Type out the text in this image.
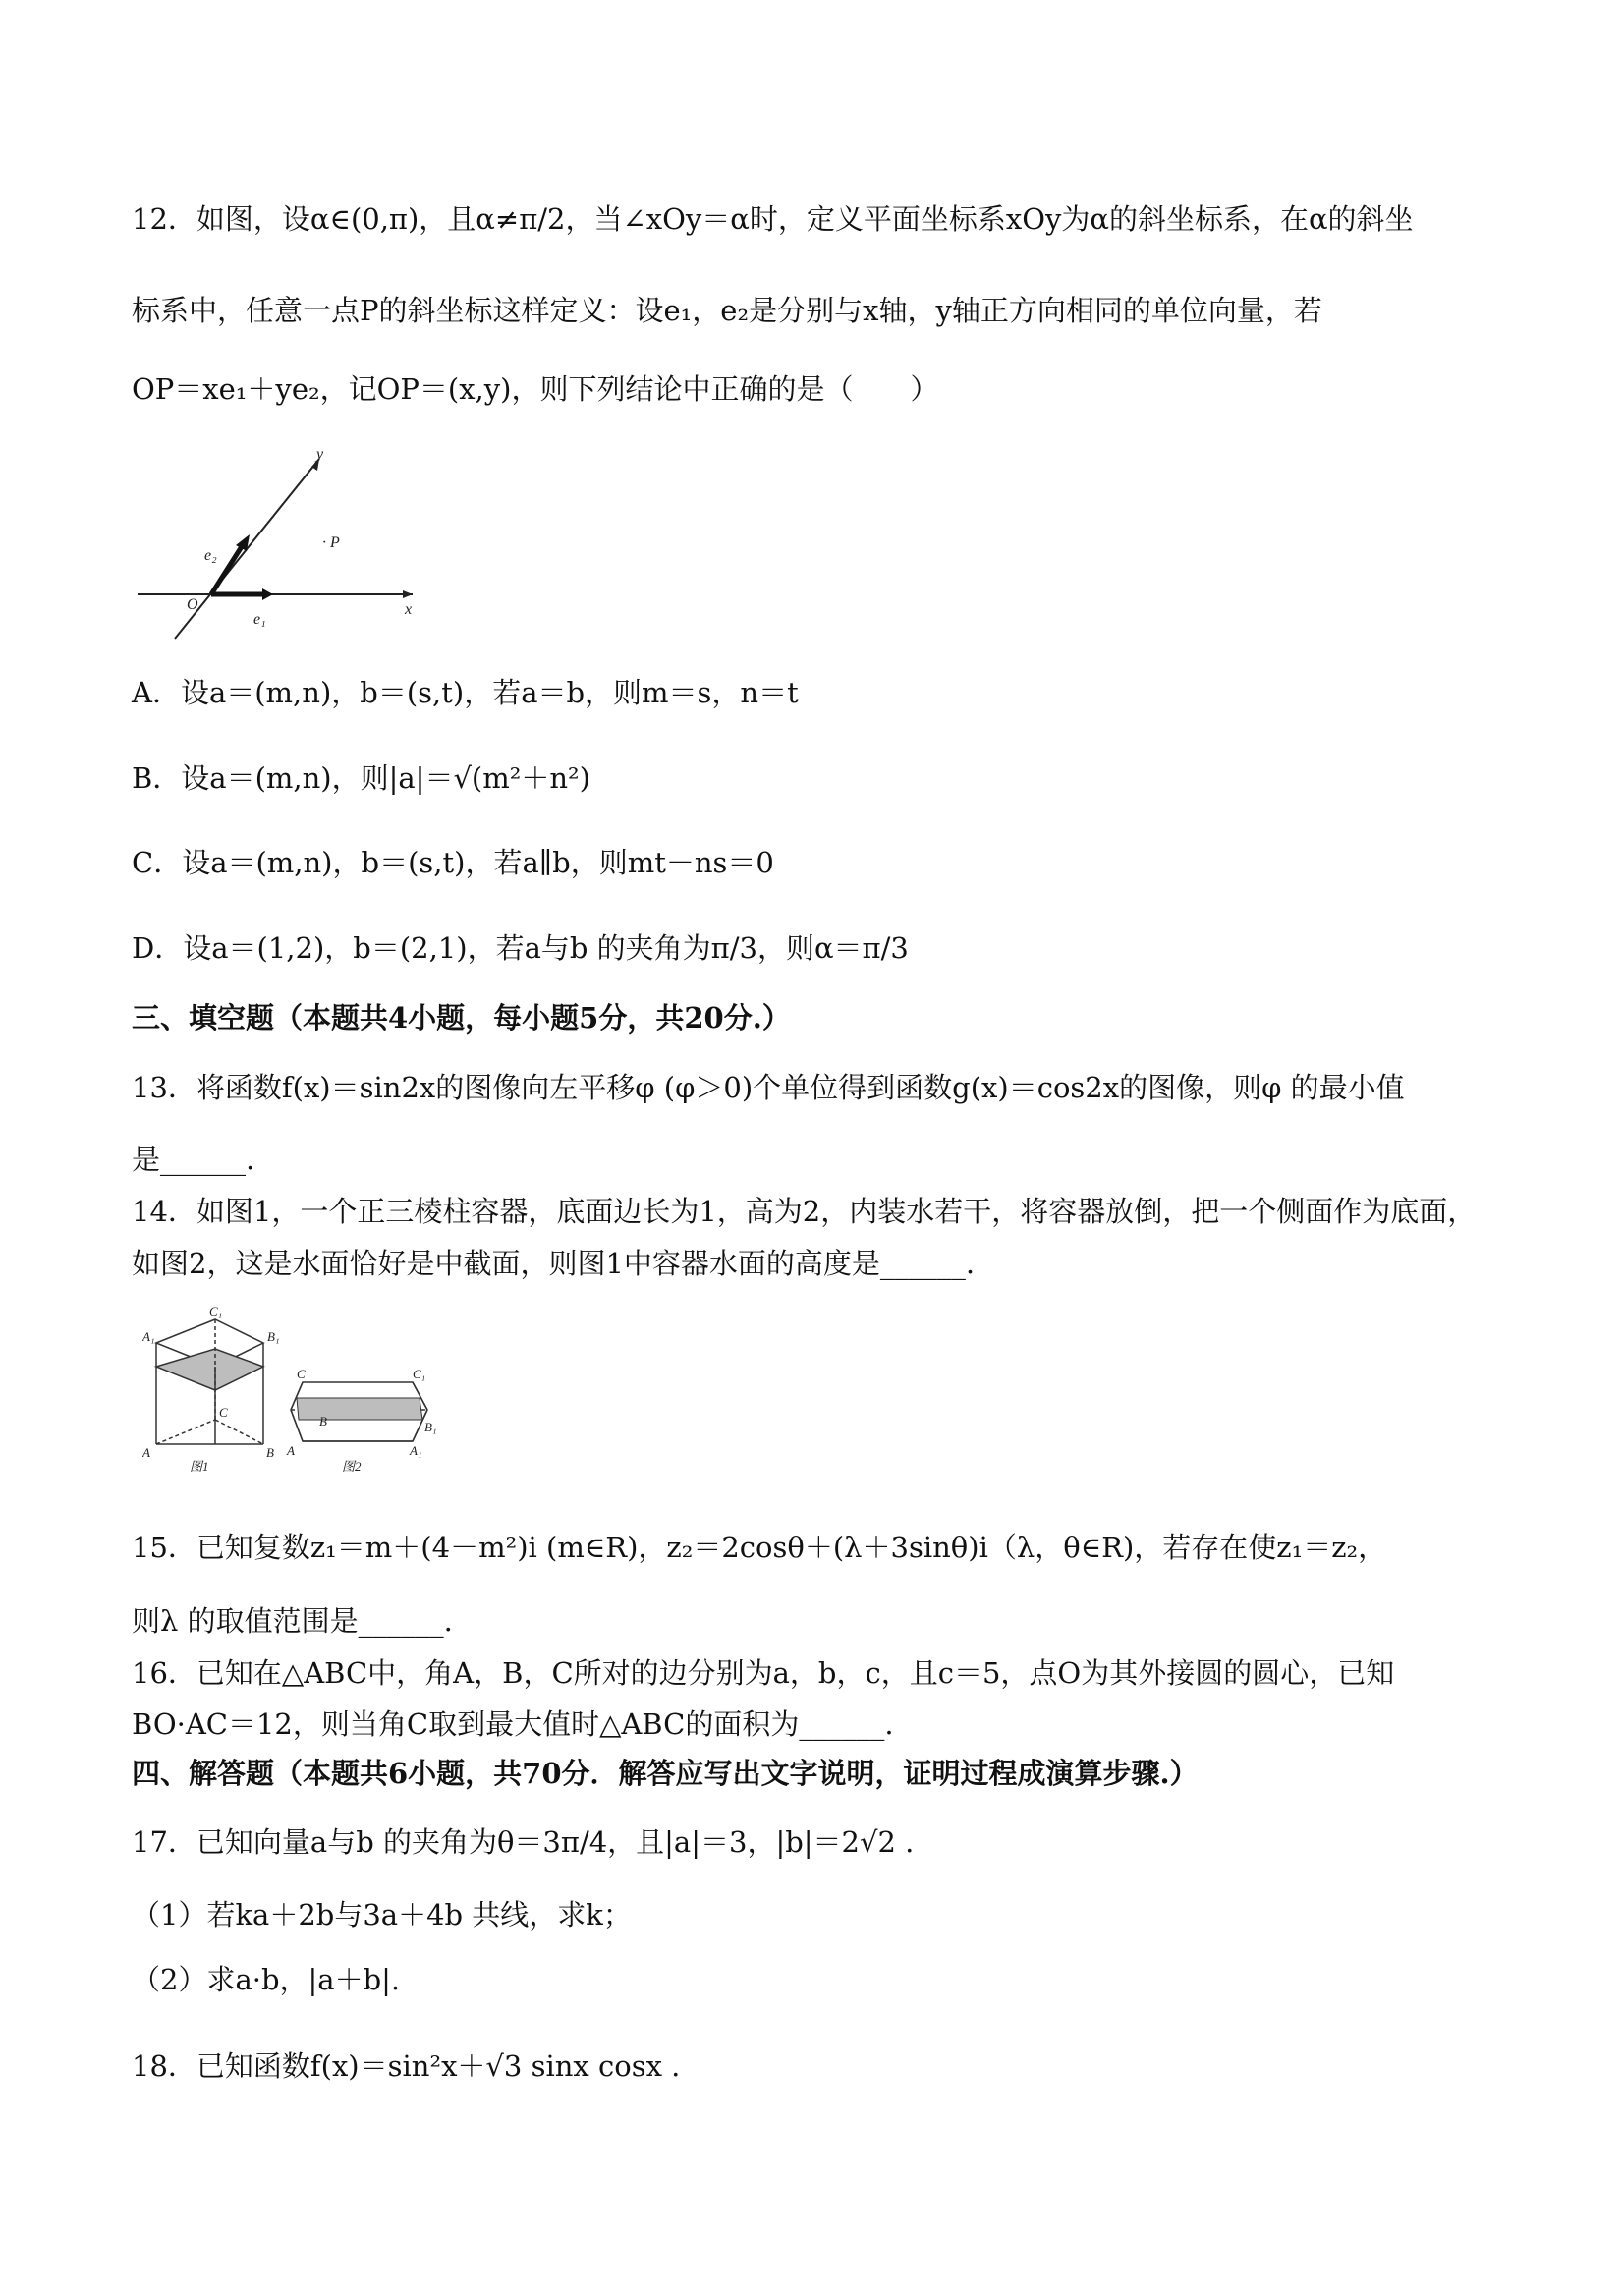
12．如图，设α∈(0,π)，且α≠π/2，当∠xOy＝α时，定义平面坐标系xOy为α的斜坐标系，在α的斜坐
标系中，任意一点P的斜坐标这样定义：设e₁，e₂是分别与x轴，y轴正方向相同的单位向量，若
OP＝xe₁＋ye₂，记OP＝(x,y)，则下列结论中正确的是（　　）
y
· P
e₂
O	x
e₁
A．设a＝(m,n)，b＝(s,t)，若a＝b，则m＝s，n＝t
B．设a＝(m,n)，则|a|＝√(m²＋n²)
C．设a＝(m,n)，b＝(s,t)，若a∥b，则mt－ns＝0
D．设a＝(1,2)，b＝(2,1)，若a与b 的夹角为π/3，则α＝π/3
三、填空题（本题共4小题，每小题5分，共20分.）
13．将函数f(x)＝sin2x的图像向左平移φ (φ＞0)个单位得到函数g(x)＝cos2x的图像，则φ 的最小值
是______.
14．如图1，一个正三棱柱容器，底面边长为1，高为2，内装水若干，将容器放倒，把一个侧面作为底面，
如图2，这是水面恰好是中截面，则图1中容器水面的高度是______.
A₁
C₁
B₁
C
A	B
图1
C	C₁
B	B₁
A	A₁
图2
15．已知复数z₁＝m＋(4－m²)i (m∈R)，z₂＝2cosθ＋(λ＋3sinθ)i（λ，θ∈R)，若存在使z₁＝z₂，
则λ 的取值范围是______.
16．已知在△ABC中，角A，B，C所对的边分别为a，b，c，且c＝5，点O为其外接圆的圆心，已知
BO·AC＝12，则当角C取到最大值时△ABC的面积为______.
四、解答题（本题共6小题，共70分．解答应写出文字说明，证明过程成演算步骤.）
17．已知向量a与b 的夹角为θ＝3π/4，且|a|＝3，|b|＝2√2 .
（1）若ka＋2b与3a＋4b 共线，求k；
（2）求a·b，|a＋b|.
18．已知函数f(x)＝sin²x＋√3 sinx cosx .
